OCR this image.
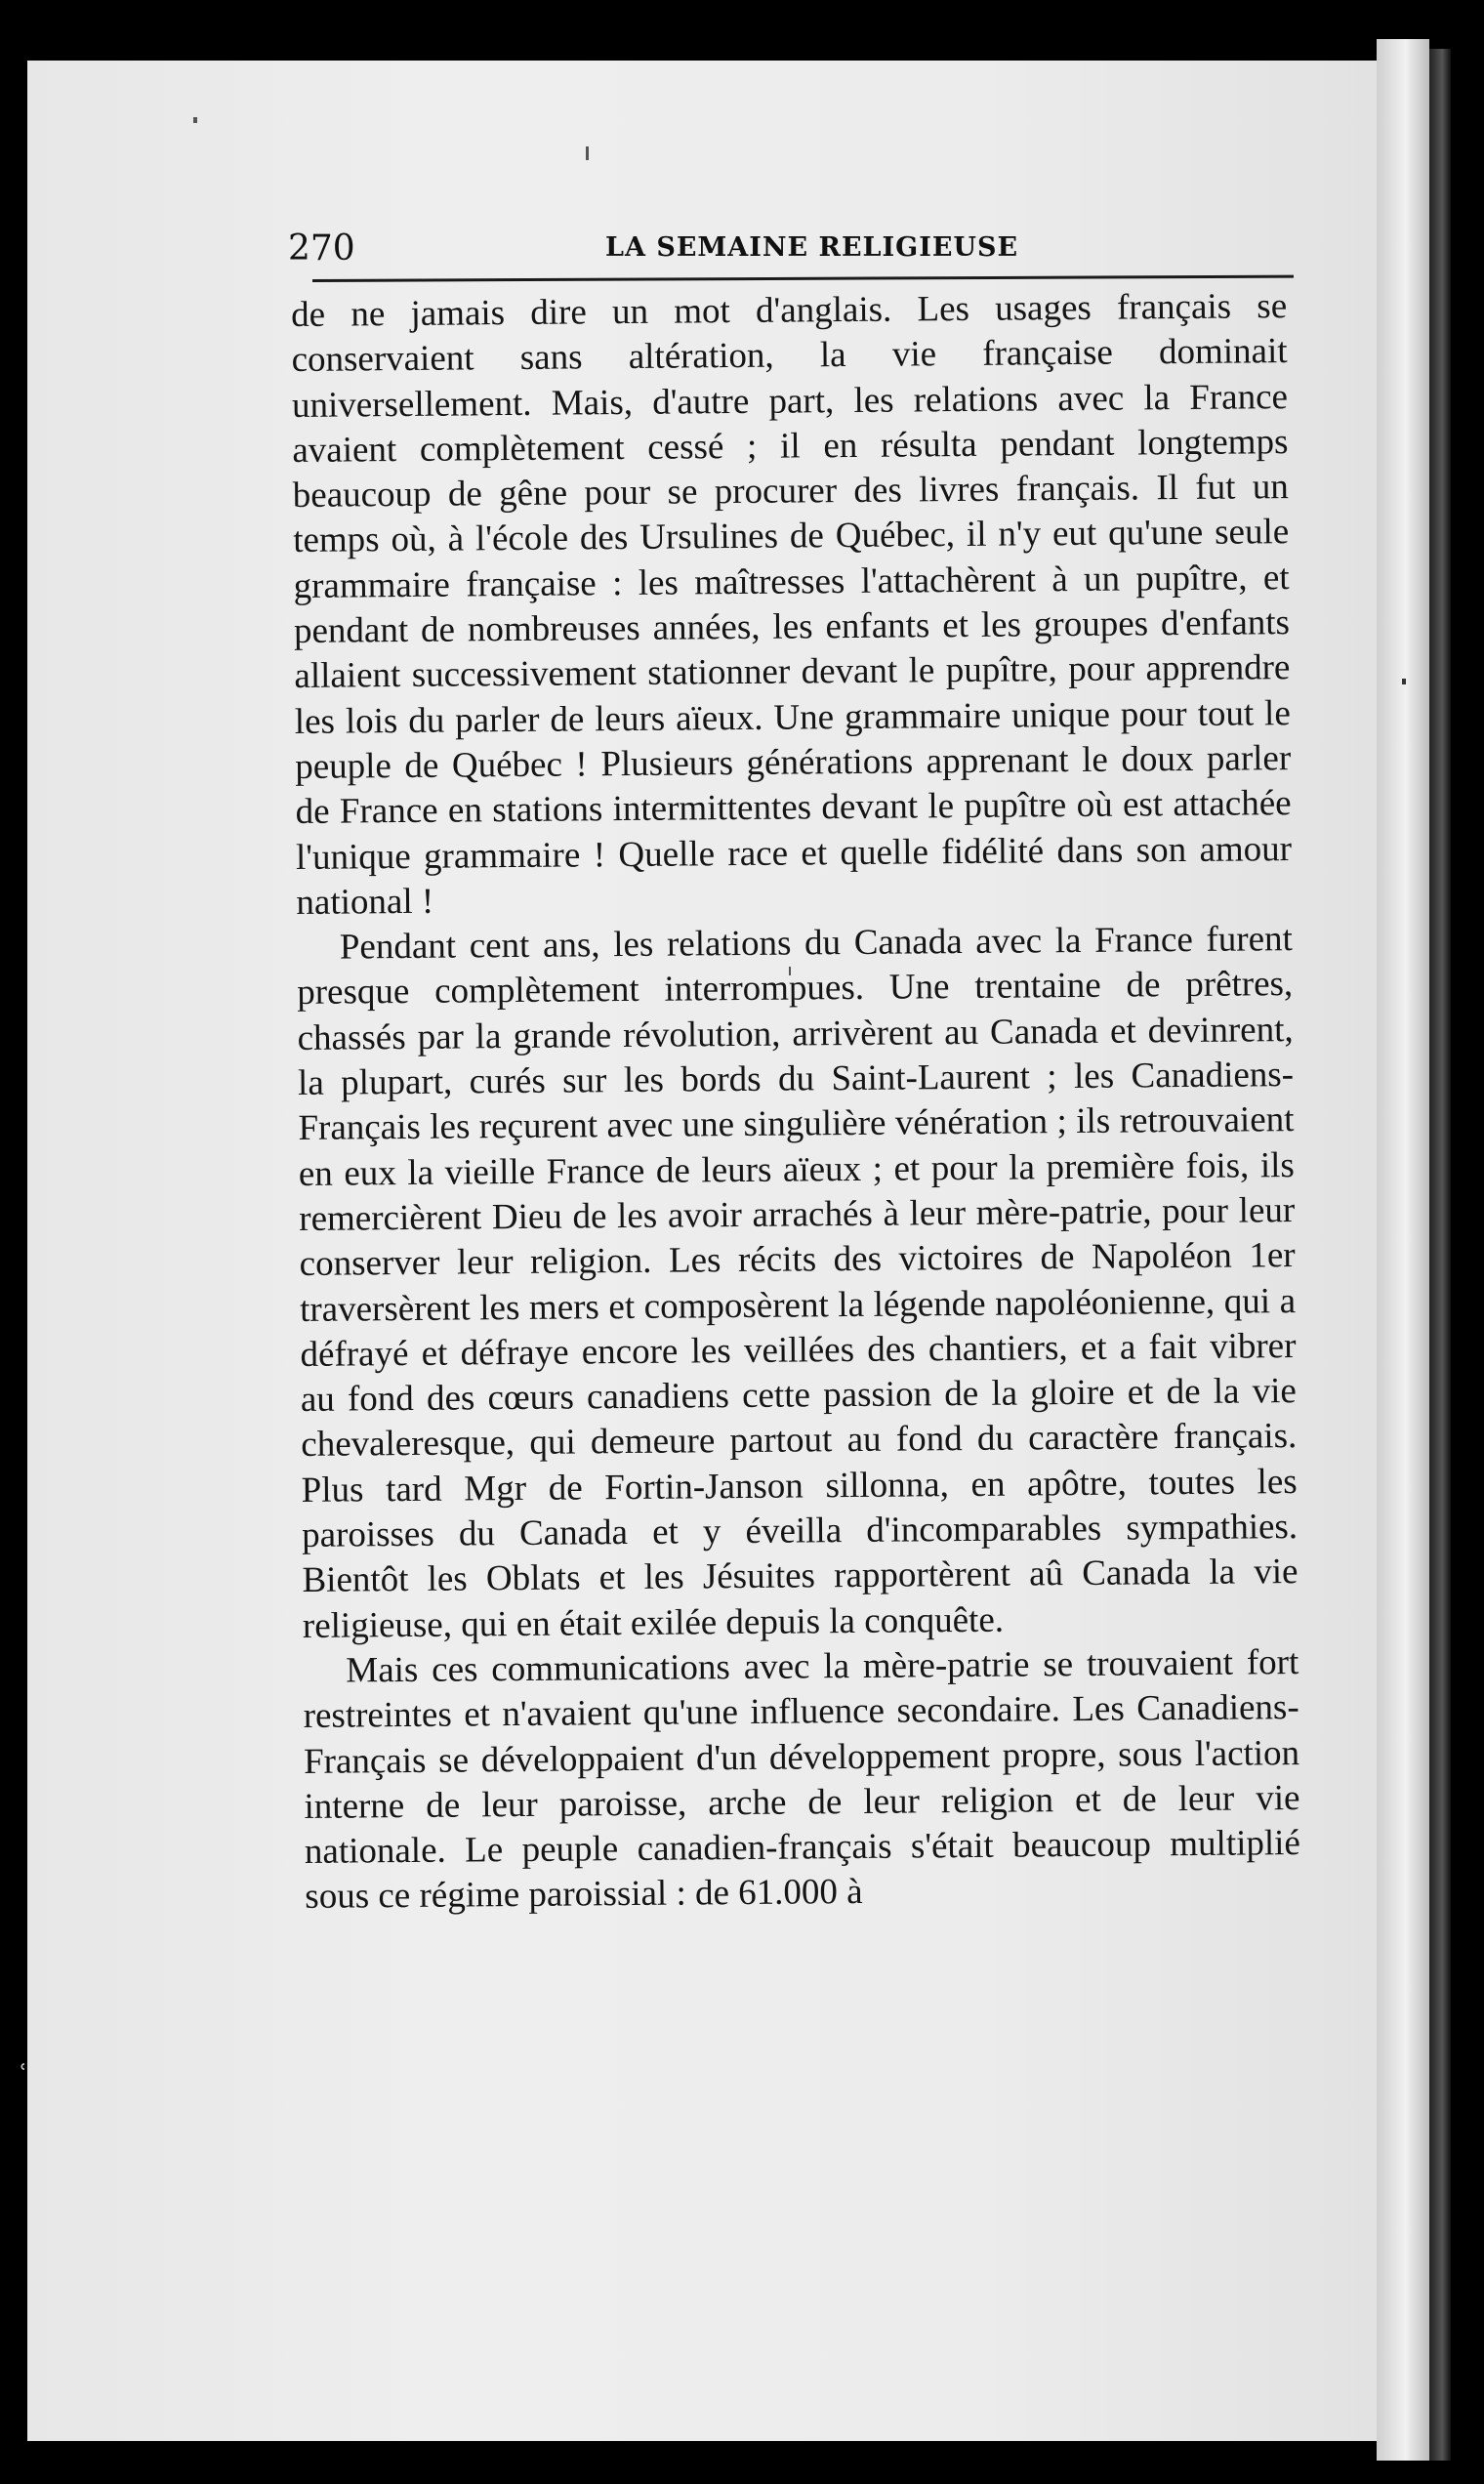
ʿ
270	LA SEMAINE RELIGIEUSE

de ne jamais dire un mot d'anglais. Les usages français se conservaient sans altération, la vie française dominait universellement. Mais, d'autre part, les relations avec la France avaient complètement cessé ; il en résulta pendant longtemps beaucoup de gêne pour se procurer des livres français. Il fut un temps où, à l'école des Ursulines de Québec, il n'y eut qu'une seule grammaire française : les maîtresses l'attachèrent à un pupître, et pendant de nombreuses années, les enfants et les groupes d'enfants allaient successivement stationner devant le pupître, pour apprendre les lois du parler de leurs aïeux. Une grammaire unique pour tout le peuple de Québec ! Plusieurs générations apprenant le doux parler de France en stations intermittentes devant le pupître où est attachée l'unique grammaire ! Quelle race et quelle fidélité dans son amour national !

Pendant cent ans, les relations du Canada avec la France furent presque complètement interrompues. Une trentaine de prêtres, chassés par la grande révolution, arrivèrent au Canada et devinrent, la plupart, curés sur les bords du Saint-Laurent ; les Canadiens-Français les reçurent avec une singulière vénération ; ils retrouvaient en eux la vieille France de leurs aïeux ; et pour la première fois, ils remercièrent Dieu de les avoir arrachés à leur mère-patrie, pour leur conserver leur religion. Les récits des victoires de Napoléon 1er traversèrent les mers et composèrent la légende napoléonienne, qui a défrayé et défraye encore les veillées des chantiers, et a fait vibrer au fond des cœurs canadiens cette passion de la gloire et de la vie chevaleresque, qui demeure partout au fond du caractère français. Plus tard Mgr de Fortin-Janson sillonna, en apôtre, toutes les paroisses du Canada et y éveilla d'incomparables sympathies. Bientôt les Oblats et les Jésuites rapportèrent aû Canada la vie religieuse, qui en était exilée depuis la conquête.

Mais ces communications avec la mère-patrie se trouvaient fort restreintes et n'avaient qu'une influence secondaire. Les Canadiens-Français se développaient d'un développement propre, sous l'action interne de leur paroisse, arche de leur religion et de leur vie nationale. Le peuple canadien-français s'était beaucoup multiplié sous ce régime paroissial : de 61.000 à
